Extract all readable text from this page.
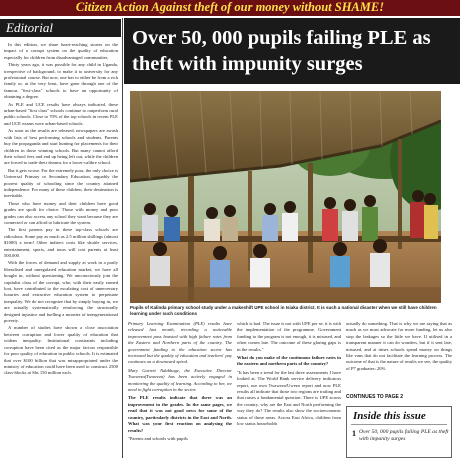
Citizen Action Against theft of our money without SHAME!
Editorial

In this edition, we share heart-reaching stories on the impact of a corrupt system on the quality of education especially for children from disadvantaged communities.

Thirty years ago, it was possible for any child in Uganda, irrespective of background, to make it to university for any professional course. But now, one has to either be from a rich family or, at the very least, have gone through one of the famous "first-class" schools to have an opportunity of obtaining a degree.

As PLE and UCE results have always indicated, these urban-based "first class" schools continue to outperform rural public schools. Close to 70% of the top schools in recent PLE and UCE exams were urban-based schools.

As soon as the results are released, newspapers are awash with lists of best performing schools and students. Parents buy the propaganda and start hunting for placements for their children in those winning schools. But many cannot afford their school fees and end up being left out, while the children are forced to trade their dreams for a lower-calibre school.

But it gets worse. For the extremely poor, the only choice is Universal Primary or Secondary Education, arguably the poorest quality of schooling since the country attained independence. For many of these children, their destination is inevitable.

Those who have money and their children have good grades are spoilt for choice. Those with money and poor grades can also access any school they want because they are connected or can afford to lubricate the system.

The first parents pay in these top-class schools are ridiculous. Some pay as much as 2.5 million shillings (almost $1000) a term! Other indirect costs like shuttle services, entertainment, sports, and tours will cost parents at least 500,000.

With the forces of demand and supply at work in a partly liberalised and unregulated education market, we have all bought in, without questioning. We unconsciously join the capitalist class of the corrupt, who, with their easily earned loot, have contributed to the escalating cost of unnecessary luxuries and extractive education system to perpetuate inequality. We do not recognize that by simply buying in, we are actually systematically reinforcing the structurally designed injustice and fuelling a monster of intergenerational poverty.

A number of studies have shown a close association between corruption and lower quality of education that widens inequality. Institutional constraints including corruption have been cited as the major factors responsible for poor quality of education in public schools. It is estimated that over $100 billion that was misappropriated under the ministry of education could have been used to construct 2500 class-blocks at Shs 150 million each.

Over 50, 000 pupils failing PLE as theft with impunity surges
Pupils of Kalinda primary school study under a makeshift UPE school in Isiaka district. It is such a national disaster when we still have children learning under such conditions

Primary Learning Examination (PLE) results have released last month, recording a noticeable improvement pass boasted with high failure rates from the Eastern and Northern parts of the country. The government funding to the education sector has increased but the quality of education and teachers' pay continues on a downward spiral.

Mary Garrett Ndabhage, the Executive Director Twaweza(Twaweza) has been actively engaged in monitoring the quality of learning. According to her, we need to fight corruption in the sector.

The PLE results indicate that there was an improvement in the grades. In the same pages, we read that it was not good news for some of the country, particularly districts in the East and North. What was your first reaction on analysing the results?

"Parents and schools with pupils

which is bad. The issue is not with UPE per se, it is with the implementation of the programme. Government funding to the program is not enough, it is misused, and often comes late. The outcome of these glaring gaps is in the results."

What do you make of the continuous failure rates in the eastern and northern parts of the country?

"It has been a trend for the last three assessments I have looked at. The World Bank service delivery indicators report, our own Twaweza/Uwezo report and now PLE results all indicate that those two regions are trailing and that raises a fundamental question. There is UPE across the country, why are the East and North performing the way they do? The results also show the socioeconomic status of those areas. Across East Africa, children from low status households

actually do something. That is why we are saying that as much as we must advocate for more funding, let us also stop the leakages so the little we have. If utilised in a transparent manner it can do wonders, but if it sent late, misused, and at times schools spend money on things like vans that do not facilitate the learning process. The outcome of that is the nature of results we see, the quality of P7 graduates: 20%

CONTINUES TO PAGE 2
Inside this issue
1 Over 50, 000 pupils failing PLE as theft with impunity surges
